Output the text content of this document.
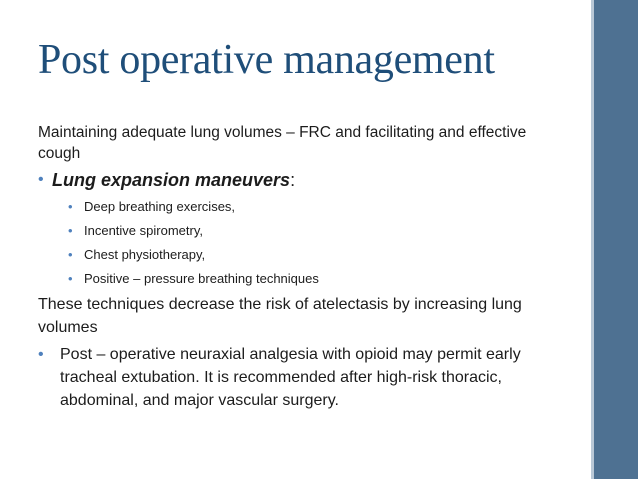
Post operative management

Maintaining adequate lung volumes – FRC and facilitating and effective cough

• Lung expansion maneuvers:
• Deep breathing exercises,
• Incentive spirometry,
• Chest physiotherapy,
• Positive – pressure breathing techniques

These techniques decrease the risk of atelectasis by increasing lung volumes

• Post – operative neuraxial analgesia with opioid may permit early tracheal extubation. It is recommended after high-risk thoracic, abdominal, and major vascular surgery.
